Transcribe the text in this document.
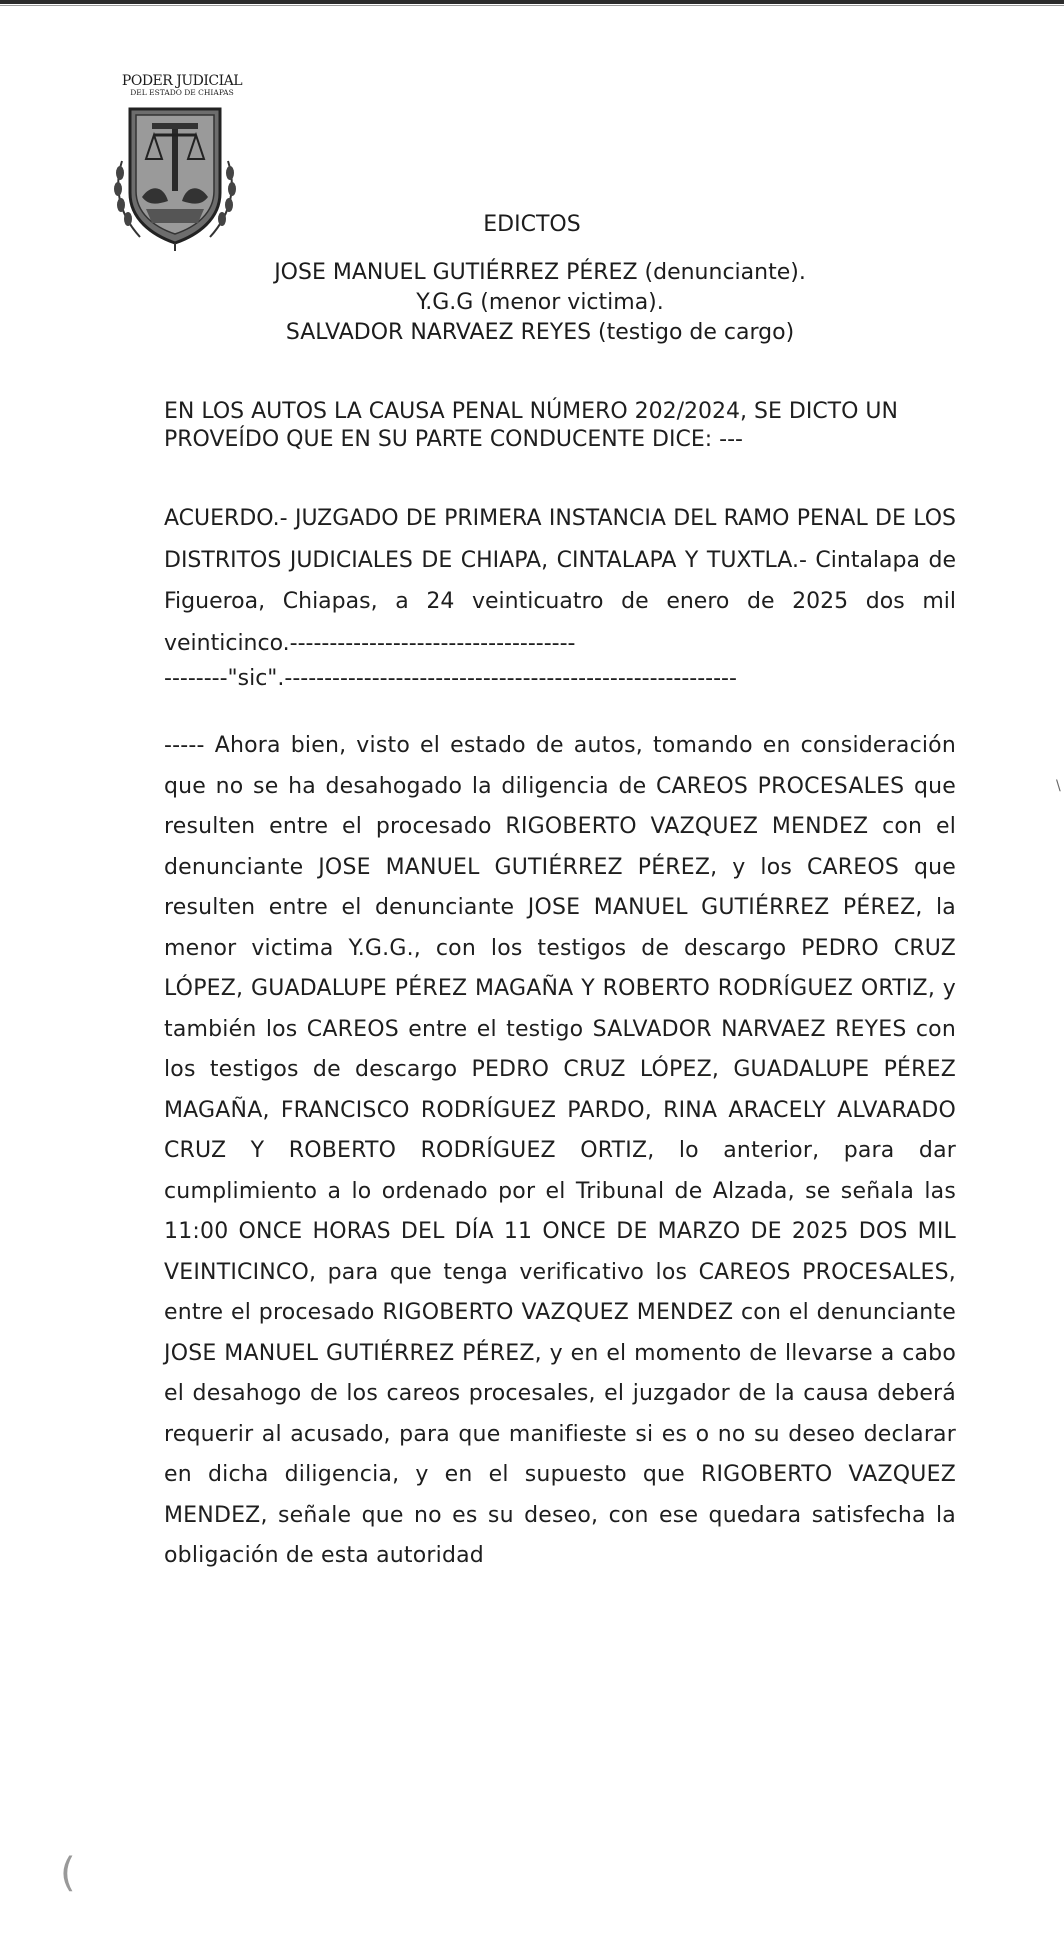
PODER JUDICIAL
DEL ESTADO DE CHIAPAS
EDICTOS
JOSE MANUEL GUTIÉRREZ PÉREZ (denunciante).
Y.G.G (menor victima).
SALVADOR NARVAEZ REYES (testigo de cargo)
EN LOS AUTOS LA CAUSA PENAL NÚMERO 202/2024, SE DICTO UN PROVEÍDO QUE EN SU PARTE CONDUCENTE DICE: ---
ACUERDO.- JUZGADO DE PRIMERA INSTANCIA DEL RAMO PENAL DE LOS DISTRITOS JUDICIALES DE CHIAPA, CINTALAPA Y TUXTLA.- Cintalapa de Figueroa, Chiapas, a 24 veinticuatro de enero de 2025 dos mil veinticinco.------------------------------------
--------"sic".---------------------------------------------------------
----- Ahora bien, visto el estado de autos, tomando en consideración que no se ha desahogado la diligencia de CAREOS PROCESALES que resulten entre el procesado RIGOBERTO VAZQUEZ MENDEZ con el denunciante JOSE MANUEL GUTIÉRREZ PÉREZ, y los CAREOS que resulten entre el denunciante JOSE MANUEL GUTIÉRREZ PÉREZ, la menor victima Y.G.G., con los testigos de descargo PEDRO CRUZ LÓPEZ, GUADALUPE PÉREZ MAGAÑA Y ROBERTO RODRÍGUEZ ORTIZ, y también los CAREOS entre el testigo SALVADOR NARVAEZ REYES con los testigos de descargo PEDRO CRUZ LÓPEZ, GUADALUPE PÉREZ MAGAÑA, FRANCISCO RODRÍGUEZ PARDO, RINA ARACELY ALVARADO CRUZ Y ROBERTO RODRÍGUEZ ORTIZ, lo anterior, para dar cumplimiento a lo ordenado por el Tribunal de Alzada, se señala las 11:00 ONCE HORAS DEL DÍA 11 ONCE DE MARZO DE 2025 DOS MIL VEINTICINCO, para que tenga verificativo los CAREOS PROCESALES, entre el procesado RIGOBERTO VAZQUEZ MENDEZ con el denunciante JOSE MANUEL GUTIÉRREZ PÉREZ, y en el momento de llevarse a cabo el desahogo de los careos procesales, el juzgador de la causa deberá requerir al acusado, para que manifieste si es o no su deseo declarar en dicha diligencia, y en el supuesto que RIGOBERTO VAZQUEZ MENDEZ, señale que no es su deseo, con ese quedara satisfecha la obligación de esta autoridad
\
(
